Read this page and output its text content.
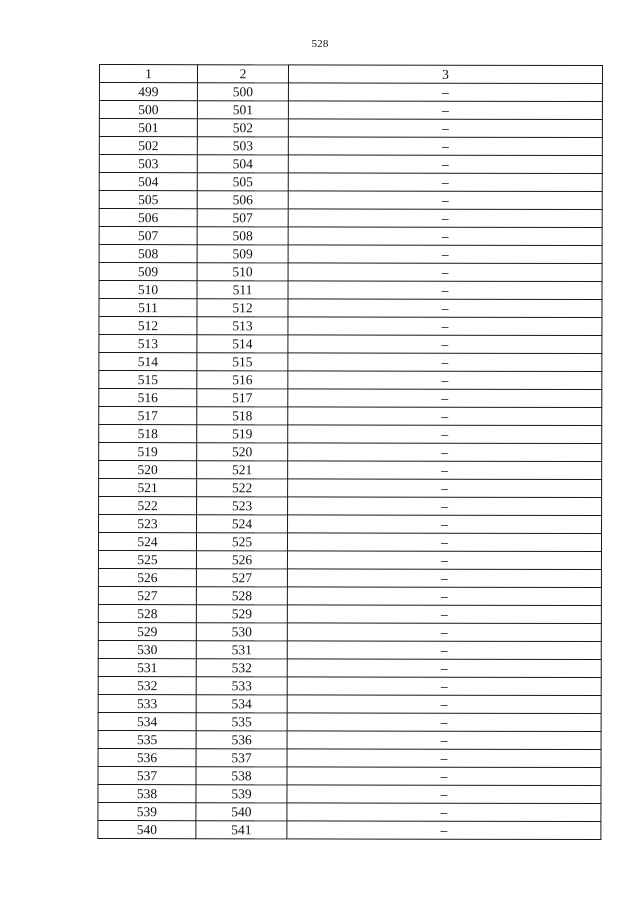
528
1	2	3
499	500	–
500	501	–
501	502	–
502	503	–
503	504	–
504	505	–
505	506	–
506	507	–
507	508	–
508	509	–
509	510	–
510	511	–
511	512	–
512	513	–
513	514	–
514	515	–
515	516	–
516	517	–
517	518	–
518	519	–
519	520	–
520	521	–
521	522	–
522	523	–
523	524	–
524	525	–
525	526	–
526	527	–
527	528	–
528	529	–
529	530	–
530	531	–
531	532	–
532	533	–
533	534	–
534	535	–
535	536	–
536	537	–
537	538	–
538	539	–
539	540	–
540	541	–
